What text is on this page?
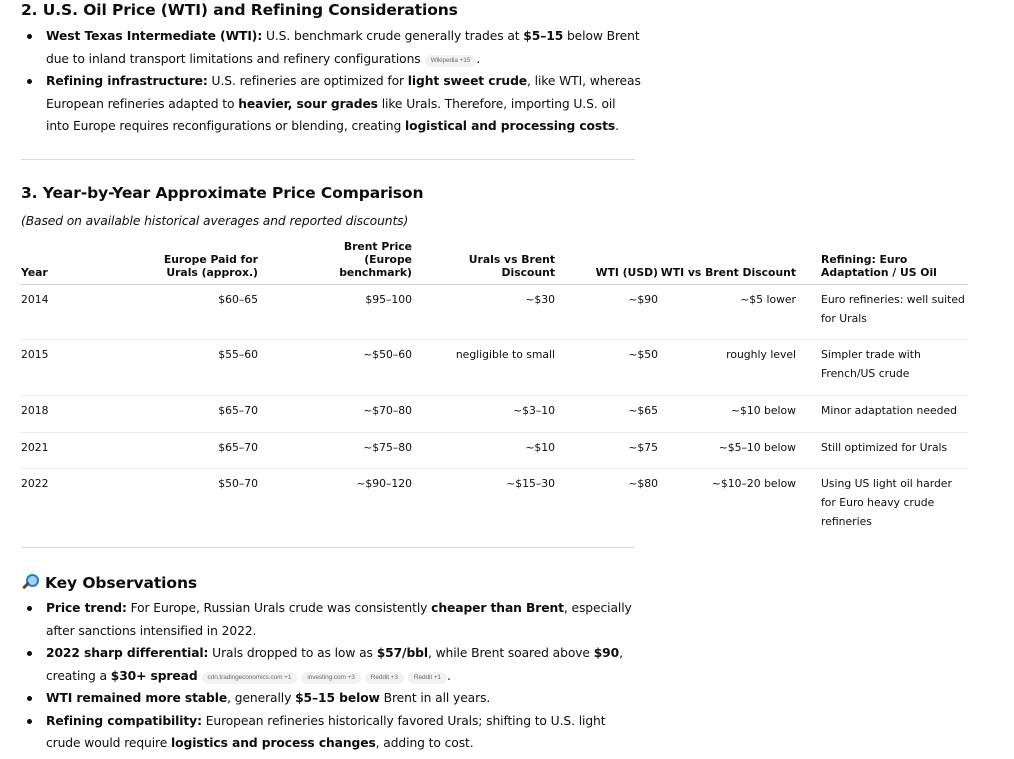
2. U.S. Oil Price (WTI) and Refining Considerations
West Texas Intermediate (WTI): U.S. benchmark crude generally trades at $5–15 below Brent due to inland transport limitations and refinery configurations Wikipedia +15 .
Refining infrastructure: U.S. refineries are optimized for light sweet crude, like WTI, whereas European refineries adapted to heavier, sour grades like Urals. Therefore, importing U.S. oil into Europe requires reconfigurations or blending, creating logistical and processing costs.
3. Year-by-Year Approximate Price Comparison
(Based on available historical averages and reported discounts)
Year	Europe Paid for Urals (approx.)	Brent Price (Europe benchmark)	Urals vs Brent Discount	WTI (USD)	WTI vs Brent Discount	Refining: Euro Adaptation / US Oil
2014	$60–65	$95–100	~$30	~$90	~$5 lower	Euro refineries: well suited for Urals
2015	$55–60	~$50–60	negligible to small	~$50	roughly level	Simpler trade with French/US crude
2018	$65–70	~$70–80	~$3–10	~$65	~$10 below	Minor adaptation needed
2021	$65–70	~$75–80	~$10	~$75	~$5–10 below	Still optimized for Urals
2022	$50–70	~$90–120	~$15–30	~$80	~$10–20 below	Using US light oil harder for Euro heavy crude refineries
Key Observations
Price trend: For Europe, Russian Urals crude was consistently cheaper than Brent, especially after sanctions intensified in 2022.
2022 sharp differential: Urals dropped to as low as $57/bbl, while Brent soared above $90, creating a $30+ spread cdn.tradingeconomics.com +1 investing.com +3 Reddit +3 Reddit +1 .
WTI remained more stable, generally $5–15 below Brent in all years.
Refining compatibility: European refineries historically favored Urals; shifting to U.S. light crude would require logistics and process changes, adding to cost.
